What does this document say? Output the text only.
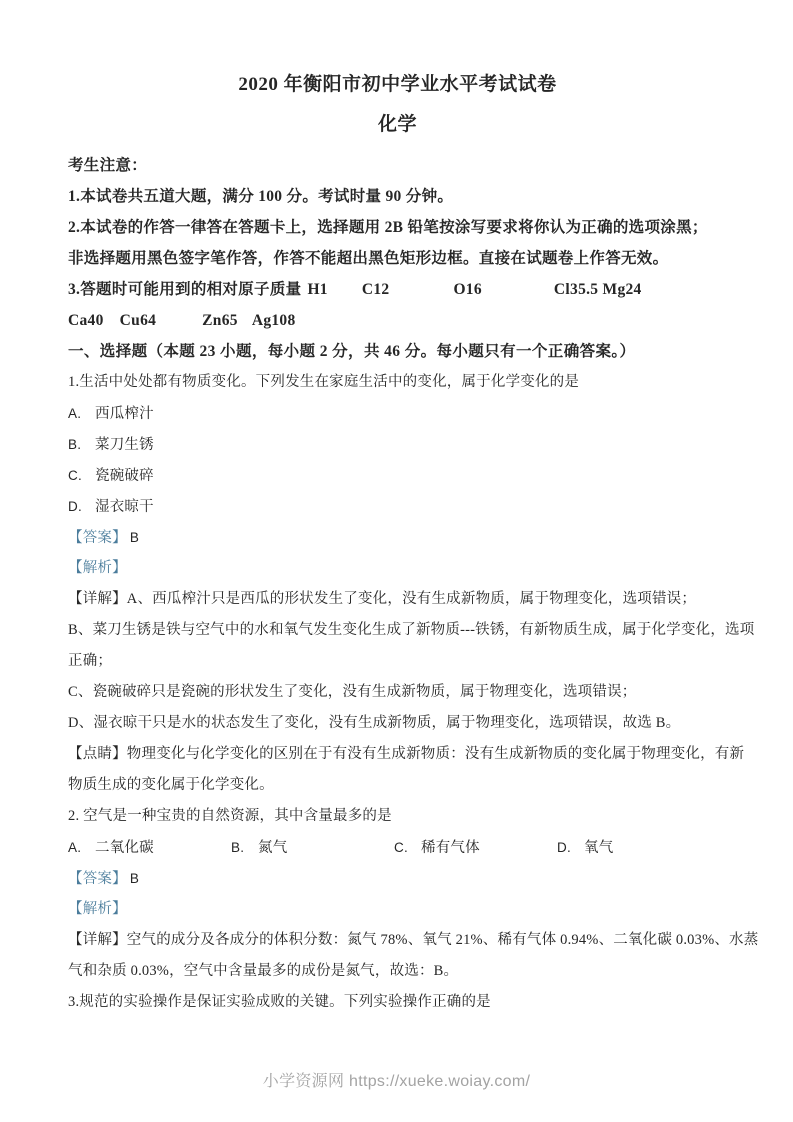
2020 年衡阳市初中学业水平考试试卷
化学
考生注意：
1.本试卷共五道大题，满分 100 分。考试时量 90 分钟。
2.本试卷的作答一律答在答题卡上，选择题用 2B 铅笔按涂写要求将你认为正确的选项涂黑；
非选择题用黑色签字笔作答，作答不能超出黑色矩形边框。直接在试题卷上作答无效。
3.答题时可能用到的相对原子质量 H1 C12	O16	Cl35.5 Mg24
Ca40 Cu64	Zn65 Ag108
一、选择题（本题 23 小题，每小题 2 分，共 46 分。每小题只有一个正确答案。）
1.生活中处处都有物质变化。下列发生在家庭生活中的变化，属于化学变化的是
A. 西瓜榨汁
B. 菜刀生锈
C. 瓷碗破碎
D. 湿衣晾干
【答案】 B
【解析】
【详解】A、西瓜榨汁只是西瓜的形状发生了变化，没有生成新物质，属于物理变化，选项错误；
B、菜刀生锈是铁与空气中的水和氧气发生变化生成了新物质---铁锈，有新物质生成，属于化学变化，选项
正确；
C、瓷碗破碎只是瓷碗的形状发生了变化，没有生成新物质，属于物理变化，选项错误；
D、湿衣晾干只是水的状态发生了变化，没有生成新物质，属于物理变化，选项错误，故选 B。
【点睛】物理变化与化学变化的区别在于有没有生成新物质：没有生成新物质的变化属于物理变化，有新
物质生成的变化属于化学变化。
2. 空气是一种宝贵的自然资源，其中含量最多的是
A. 二氧化碳	B. 氮气	C. 稀有气体	D. 氧气
【答案】 B
【解析】
【详解】空气的成分及各成分的体积分数：氮气 78%、氧气 21%、稀有气体 0.94%、二氧化碳 0.03%、水蒸
气和杂质 0.03%，空气中含量最多的成份是氮气，故选：B。
3.规范的实验操作是保证实验成败的关键。下列实验操作正确的是
小学资源网 https://xueke.woiay.com/
